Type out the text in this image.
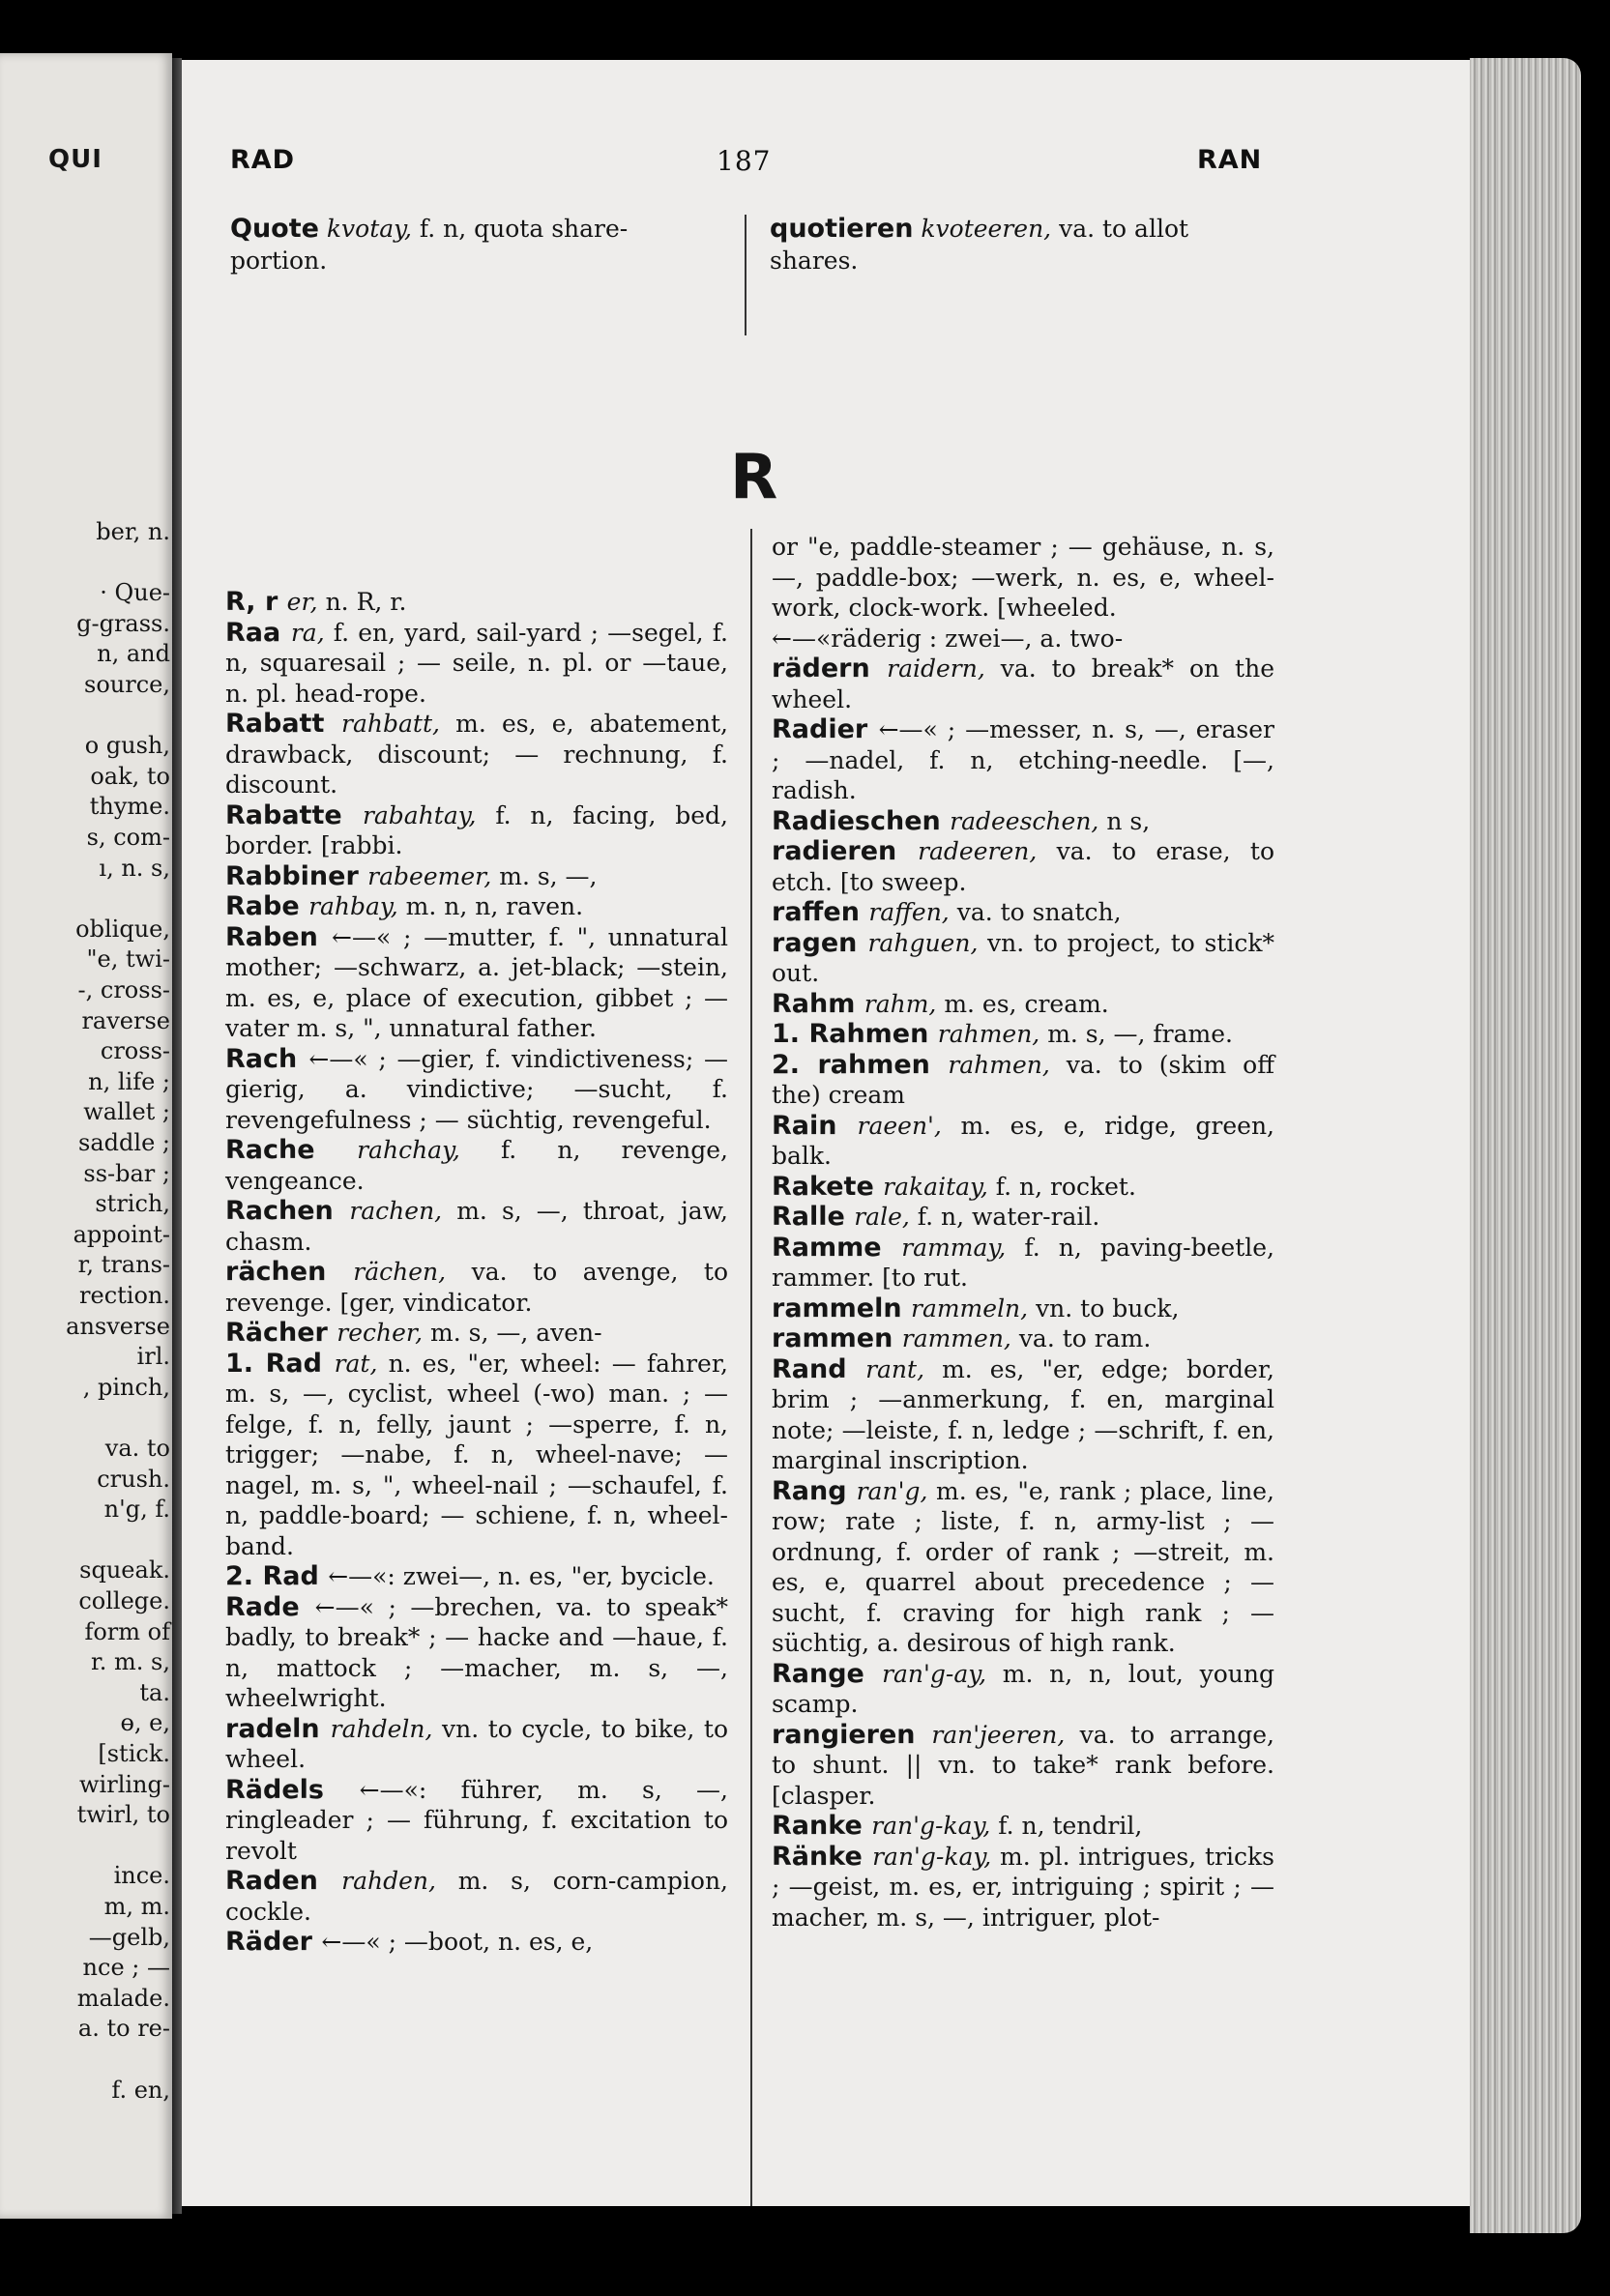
QUI
ber, n.
· Que-
g-grass.
n, and
source,
o gush,
oak, to
thyme.
s, com-
ı, n. s,
oblique,
"e, twi-
-, cross-
raverse
cross-
n, life ;
wallet ;
saddle ;
ss-bar ;
strich,
appoint-
r, trans-
rection.
ansverse
irl.
, pinch,
va. to
crush.
n'g, f.
squeak.
college.
form of
r. m. s,
ta.
ɵ, e,
[stick.
wirling-
twirl, to
ince.
m, m.
—gelb,
nce ; —
malade.
a. to re-
f. en,
RAD	187	RAN
Quote kvotay, f. n, quota share-portion.
quotieren kvoteeren, va. to allot shares.
R

R, r er, n. R, r.

Raa ra, f. en, yard, sail-yard ; —segel, f. n, squaresail ; — seile, n. pl. or —taue, n. pl. head-rope.

Rabatt rahbatt, m. es, e, abatement, drawback, discount; — rechnung, f. discount.

Rabatte rabahtay, f. n, facing, bed, border. [rabbi.

Rabbiner rabeemer, m. s, —,

Rabe rahbay, m. n, n, raven.

Raben ←—« ; —mutter, f. ", unnatural mother; —schwarz, a. jet-black; —stein, m. es, e, place of execution, gibbet ; — vater m. s, ", unnatural father.

Rach ←—« ; —gier, f. vindictiveness; —gierig, a. vindictive; —sucht, f. revengefulness ; — süchtig, revengeful.

Rache rahchay, f. n, revenge, vengeance.

Rachen rachen, m. s, —, throat, jaw, chasm.

rächen rächen, va. to avenge, to revenge. [ger, vindicator.

Rächer recher, m. s, —, aven-

1. Rad rat, n. es, "er, wheel: — fahrer, m. s, —, cyclist, wheel (-wo) man. ; —felge, f. n, felly, jaunt ; —sperre, f. n, trigger; —nabe, f. n, wheel-nave; —nagel, m. s, ", wheel-nail ; —schaufel, f. n, paddle-board; — schiene, f. n, wheel-band.

2. Rad ←—«: zwei—, n. es, "er, bycicle.

Rade ←—« ; —brechen, va. to speak* badly, to break* ; — hacke and —haue, f. n, mattock ; —macher, m. s, —, wheelwright.

radeln rahdeln, vn. to cycle, to bike, to wheel.

Rädels ←—«: führer, m. s, —, ringleader ; — führung, f. excitation to revolt

Raden rahden, m. s, corn-campion, cockle.

Räder ←—« ; —boot, n. es, e,

or "e, paddle-steamer ; — gehäuse, n. s, —, paddle-box; —werk, n. es, e, wheel-work, clock-work. [wheeled.

←—«räderig : zwei—, a. two-

rädern raidern, va. to break* on the wheel.

Radier ←—« ; —messer, n. s, —, eraser ; —nadel, f. n, etching-needle. [—, radish.

Radieschen radeeschen, n s,

radieren radeeren, va. to erase, to etch. [to sweep.

raffen raffen, va. to snatch,

ragen rahguen, vn. to project, to stick* out.

Rahm rahm, m. es, cream.

1. Rahmen rahmen, m. s, —, frame.

2. rahmen rahmen, va. to (skim off the) cream

Rain raeen', m. es, e, ridge, green, balk.

Rakete rakaitay, f. n, rocket.

Ralle rale, f. n, water-rail.

Ramme rammay, f. n, paving-beetle, rammer. [to rut.

rammeln rammeln, vn. to buck,

rammen rammen, va. to ram.

Rand rant, m. es, "er, edge; border, brim ; —anmerkung, f. en, marginal note; —leiste, f. n, ledge ; —schrift, f. en, marginal inscription.

Rang ran'g, m. es, "e, rank ; place, line, row; rate ; liste, f. n, army-list ; —ordnung, f. order of rank ; —streit, m. es, e, quarrel about precedence ; —sucht, f. craving for high rank ; —süchtig, a. desirous of high rank.

Range ran'g-ay, m. n, n, lout, young scamp.

rangieren ran'jeeren, va. to arrange, to shunt. || vn. to take* rank before. [clasper.

Ranke ran'g-kay, f. n, tendril,

Ränke ran'g-kay, m. pl. intrigues, tricks ; —geist, m. es, er, intriguing ; spirit ; —macher, m. s, —, intriguer, plot-
